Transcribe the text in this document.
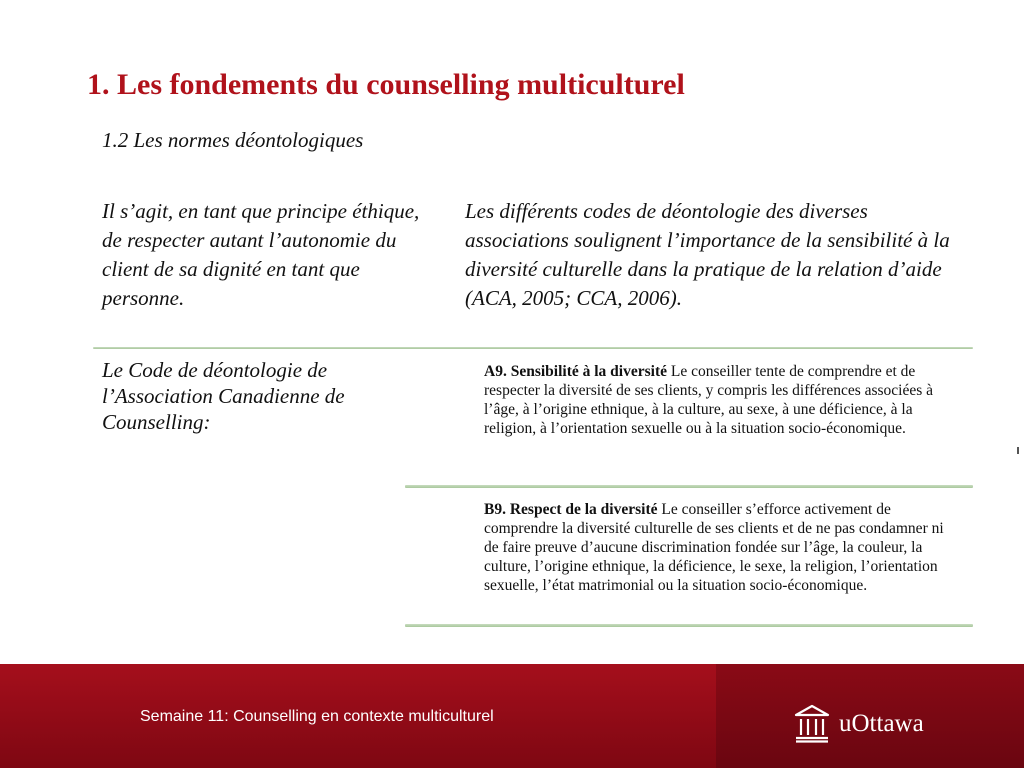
1. Les fondements du counselling multiculturel
1.2 Les normes déontologiques
Il s’agit, en tant que principe éthique, de respecter autant l’autonomie du client de sa dignité en tant que personne.
Les différents codes de déontologie des diverses associations soulignent l’importance de la sensibilité à la diversité culturelle dans la pratique de la relation d’aide (ACA, 2005; CCA, 2006).
Le Code de déontologie de l’Association Canadienne de Counselling:
A9. Sensibilité à la diversité Le conseiller tente de comprendre et de respecter la diversité de ses clients, y compris les différences associées à l’âge, à l’origine ethnique, à la culture, au sexe, à une déficience, à la religion, à l’orientation sexuelle ou à la situation socio-économique.
B9. Respect de la diversité Le conseiller s’efforce activement de comprendre la diversité culturelle de ses clients et de ne pas condamner ni de faire preuve d’aucune discrimination fondée sur l’âge, la couleur, la culture, l’origine ethnique, la déficience, le sexe, la religion, l’orientation sexuelle, l’état matrimonial ou la situation socio-économique.
Semaine 11: Counselling en contexte multiculturel	uOttawa
